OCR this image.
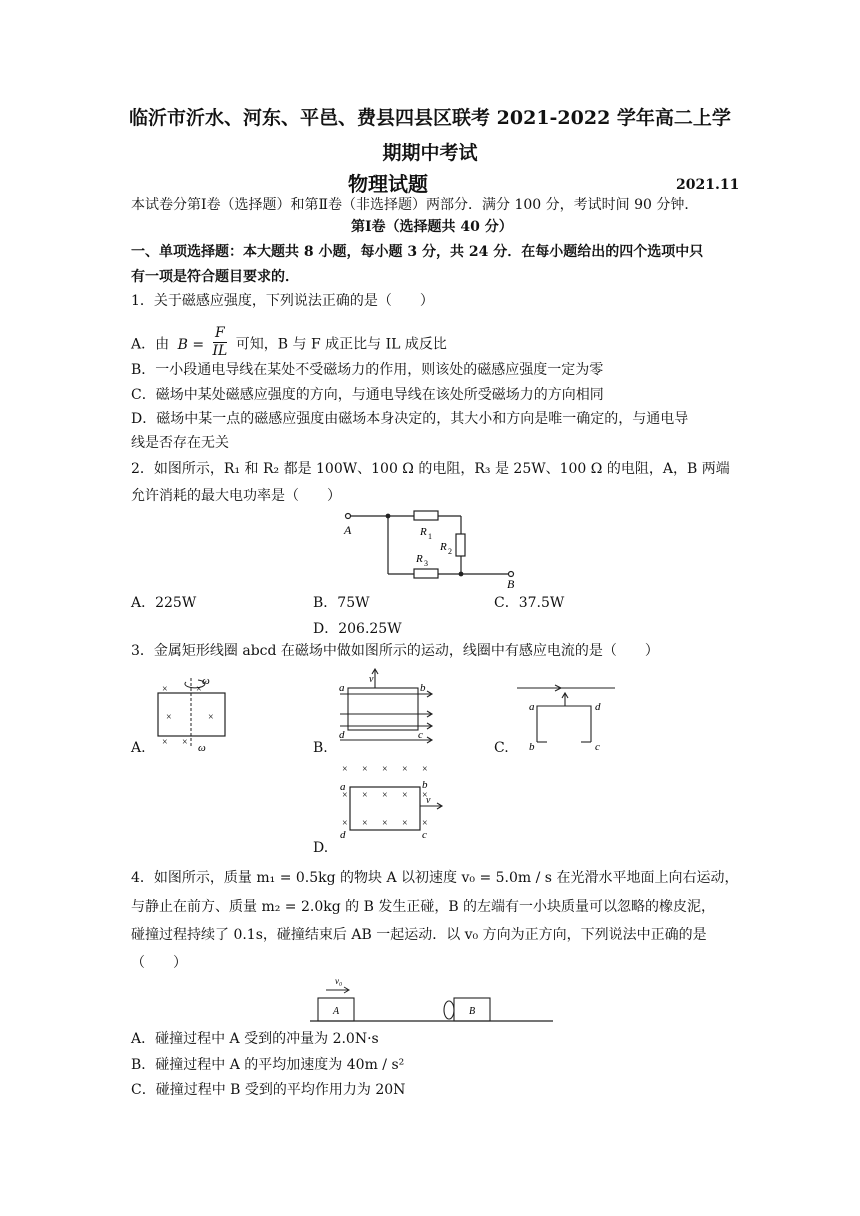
临沂市沂水、河东、平邑、费县四县区联考 2021-2022 学年高二上学
期期中考试
物理试题	2021.11
本试卷分第Ⅰ卷（选择题）和第Ⅱ卷（非选择题）两部分．满分 100 分，考试时间 90 分钟．
第Ⅰ卷（选择题共 40 分）
一、单项选择题：本大题共 8 小题，每小题 3 分，共 24 分．在每小题给出的四个选项中只
有一项是符合题目要求的．
1．关于磁感应强度，下列说法正确的是（　　）
A．由 $B = \frac{F}{IL}$ 可知，B 与 F 成正比与 IL 成反比
B．一小段通电导线在某处不受磁场力的作用，则该处的磁感应强度一定为零
C．磁场中某处磁感应强度的方向，与通电导线在该处所受磁场力的方向相同
D．磁场中某一点的磁感应强度由磁场本身决定的，其大小和方向是唯一确定的，与通电导
线是否存在无关
2．如图所示，R₁ 和 R₂ 都是 100W、100 Ω 的电阻，R₃ 是 25W、100 Ω 的电阻，A，B 两端
允许消耗的最大电功率是（　　）
A
B
R 1
R 2
R 3
A．225W	B．75W	C．37.5W
D．206.25W
3．金属矩形线圈 abcd 在磁场中做如图所示的运动，线圈中有感应电流的是（　　）
A.
ω
ω
×	×
×	×
× ×	B.
v
a	b
d	c
C.
a	d
b	c
D.
× × × × ×
× × × × ×
× × × × ×
v
a	b
d	c
4．如图所示，质量 m₁ = 0.5kg 的物块 A 以初速度 v₀ = 5.0m / s 在光滑水平地面上向右运动，
与静止在前方、质量 m₂ = 2.0kg 的 B 发生正碰，B 的左端有一小块质量可以忽略的橡皮泥，
碰撞过程持续了 0.1s，碰撞结束后 AB 一起运动．以 v₀ 方向为正方向，下列说法中正确的是
（　　）
v₀
A	B
A．碰撞过程中 A 受到的冲量为 2.0N·s
B．碰撞过程中 A 的平均加速度为 40m / s²
C．碰撞过程中 B 受到的平均作用力为 20N
